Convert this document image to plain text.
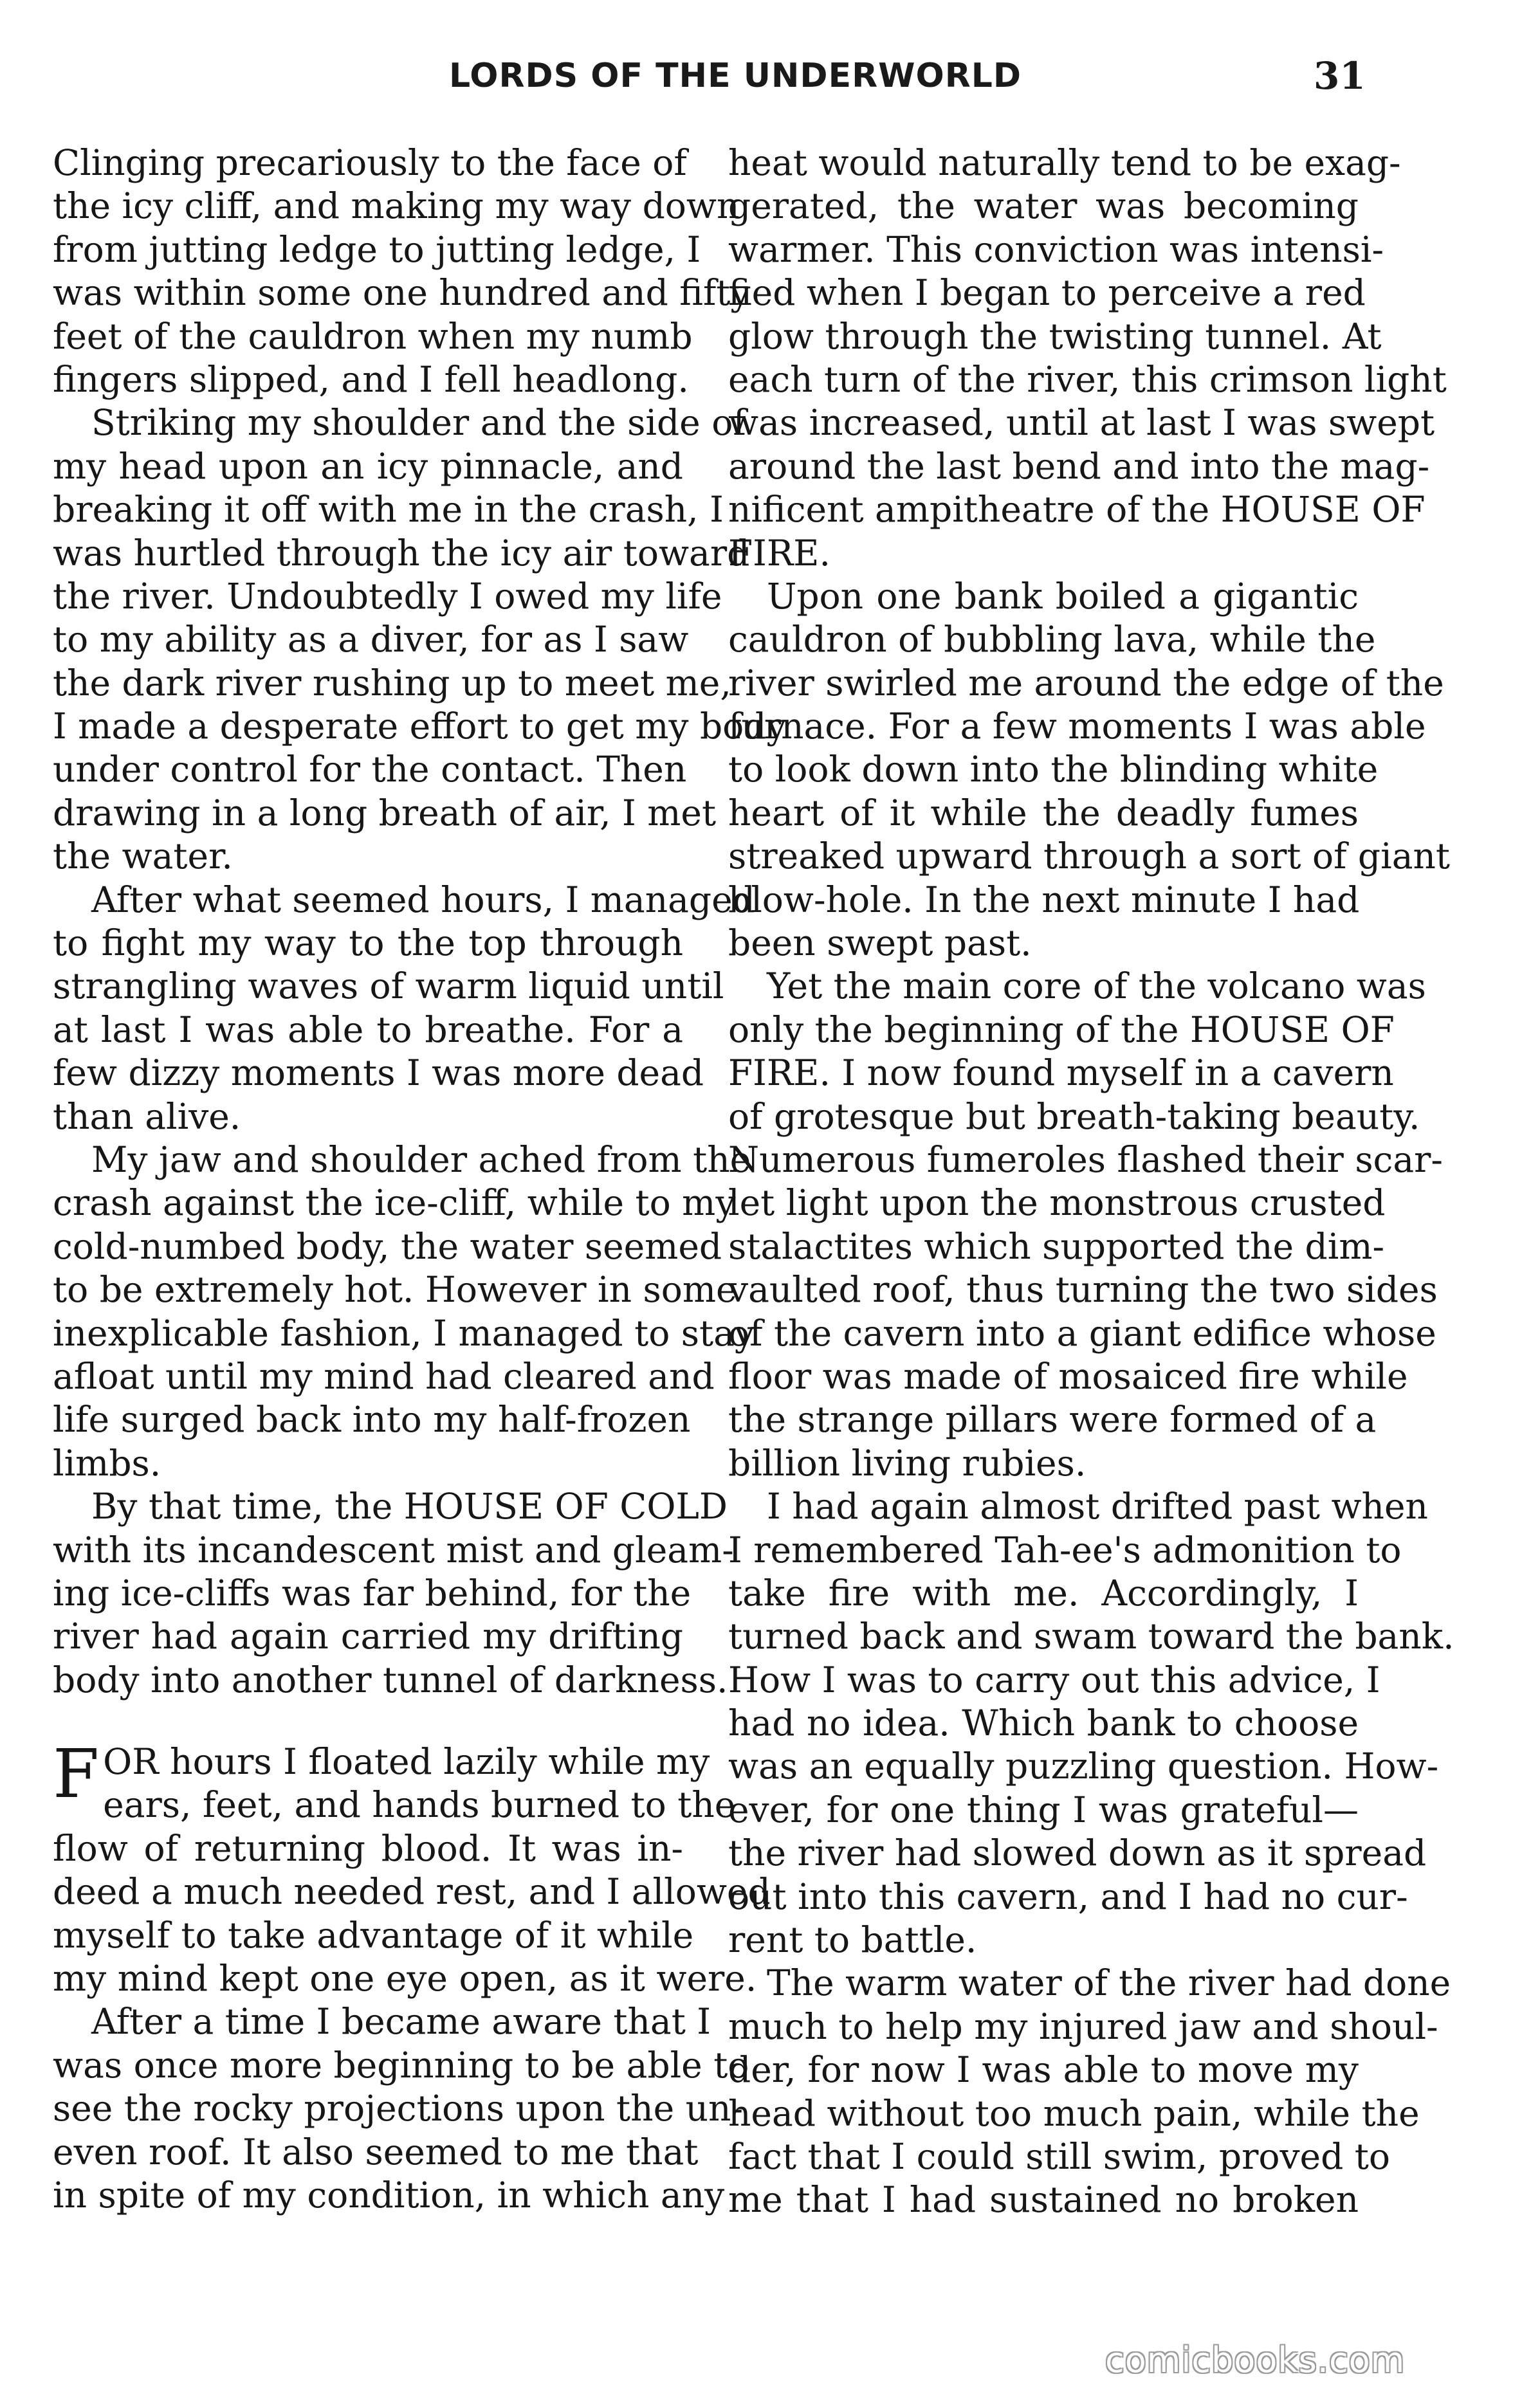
LORDS OF THE UNDERWORLD	31
Clinging precariously to the face of
the icy cliff, and making my way down
from jutting ledge to jutting ledge, I
was within some one hundred and fifty
feet of the cauldron when my numb
fingers slipped, and I fell headlong.
Striking my shoulder and the side of
my head upon an icy pinnacle, and
breaking it off with me in the crash, I
was hurtled through the icy air toward
the river. Undoubtedly I owed my life
to my ability as a diver, for as I saw
the dark river rushing up to meet me,
I made a desperate effort to get my body
under control for the contact. Then
drawing in a long breath of air, I met
the water.
After what seemed hours, I managed
to fight my way to the top through
strangling waves of warm liquid until
at last I was able to breathe. For a
few dizzy moments I was more dead
than alive.
My jaw and shoulder ached from the
crash against the ice-cliff, while to my
cold-numbed body, the water seemed
to be extremely hot. However in some
inexplicable fashion, I managed to stay
afloat until my mind had cleared and
life surged back into my half-frozen
limbs.
By that time, the HOUSE OF COLD
with its incandescent mist and gleam-
ing ice-cliffs was far behind, for the
river had again carried my drifting
body into another tunnel of darkness.
F OR hours I floated lazily while my
ears, feet, and hands burned to the
flow of returning blood. It was in-
deed a much needed rest, and I allowed
myself to take advantage of it while
my mind kept one eye open, as it were.
After a time I became aware that I
was once more beginning to be able to
see the rocky projections upon the un-
even roof. It also seemed to me that
in spite of my condition, in which any
heat would naturally tend to be exag-
gerated, the water was becoming
warmer. This conviction was intensi-
fied when I began to perceive a red
glow through the twisting tunnel. At
each turn of the river, this crimson light
was increased, until at last I was swept
around the last bend and into the mag-
nificent ampitheatre of the HOUSE OF
FIRE.
Upon one bank boiled a gigantic
cauldron of bubbling lava, while the
river swirled me around the edge of the
furnace. For a few moments I was able
to look down into the blinding white
heart of it while the deadly fumes
streaked upward through a sort of giant
blow-hole. In the next minute I had
been swept past.
Yet the main core of the volcano was
only the beginning of the HOUSE OF
FIRE. I now found myself in a cavern
of grotesque but breath-taking beauty.
Numerous fumeroles flashed their scar-
let light upon the monstrous crusted
stalactites which supported the dim-
vaulted roof, thus turning the two sides
of the cavern into a giant edifice whose
floor was made of mosaiced fire while
the strange pillars were formed of a
billion living rubies.
I had again almost drifted past when
I remembered Tah-ee's admonition to
take fire with me. Accordingly, I
turned back and swam toward the bank.
How I was to carry out this advice, I
had no idea. Which bank to choose
was an equally puzzling question. How-
ever, for one thing I was grateful—
the river had slowed down as it spread
out into this cavern, and I had no cur-
rent to battle.
The warm water of the river had done
much to help my injured jaw and shoul-
der, for now I was able to move my
head without too much pain, while the
fact that I could still swim, proved to
me that I had sustained no broken
comicbooks.com
